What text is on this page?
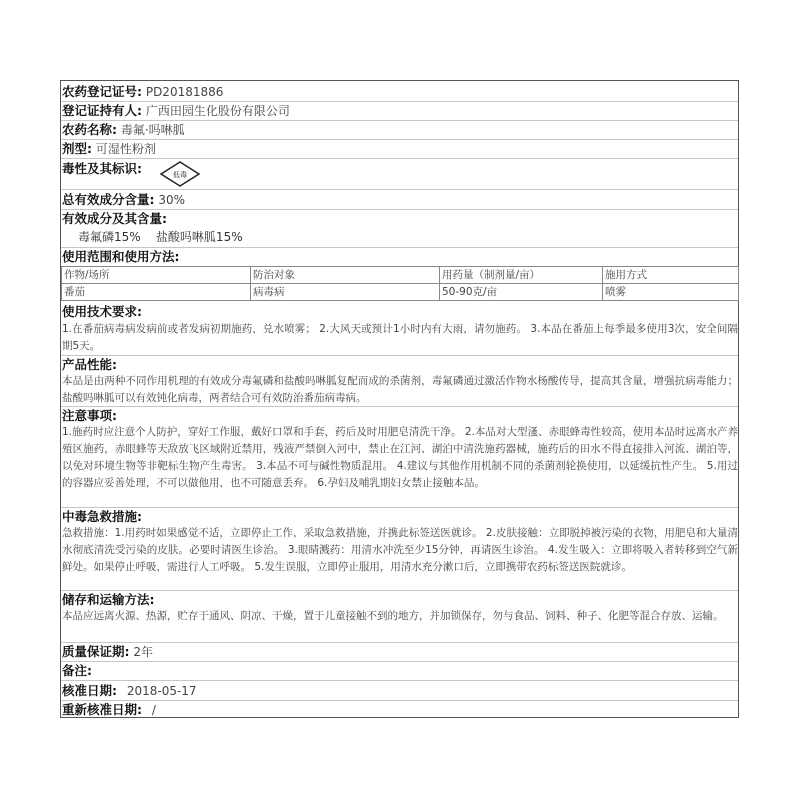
农药登记证号: PD20181886
登记证持有人: 广西田园生化股份有限公司
农药名称: 毒氟·吗啉胍
剂型: 可湿性粉剂
毒性及其标识:	低毒
总有效成分含量: 30%
有效成分及其含量:
毒氟磷15%    盐酸吗啉胍15%
使用范围和使用方法:
作物/场所	防治对象	用药量（制剂量/亩）	施用方式
番茄	病毒病	50-90克/亩	喷雾
使用技术要求:

1.在番茄病毒病发病前或者发病初期施药，兑水喷雾； 2.大风天或预计1小时内有大雨，请勿施药。 3.本品在番茄上每季最多使用3次，安全间隔期5天。

产品性能:

本品是由两种不同作用机理的有效成分毒氟磷和盐酸吗啉胍复配而成的杀菌剂，毒氟磷通过激活作物水杨酸传导，提高其含量，增强抗病毒能力；盐酸吗啉胍可以有效钝化病毒，两者结合可有效防治番茄病毒病。

注意事项:

1.施药时应注意个人防护，穿好工作服，戴好口罩和手套，药后及时用肥皂清洗干净。 2.本品对大型溞、赤眼蜂毒性较高，使用本品时远离水产养殖区施药，赤眼蜂等天敌放飞区域附近禁用，残液严禁倒入河中，禁止在江河、湖泊中清洗施药器械，施药后的田水不得直接排入河流、湖泊等，以免对环境生物等非靶标生物产生毒害。 3.本品不可与碱性物质混用。 4.建议与其他作用机制不同的杀菌剂轮换使用，以延缓抗性产生。 5.用过的容器应妥善处理，不可以做他用，也不可随意丢弃。 6.孕妇及哺乳期妇女禁止接触本品。

中毒急救措施:

急救措施：1.用药时如果感觉不适，立即停止工作，采取急救措施，并携此标签送医就诊。 2.皮肤接触：立即脱掉被污染的衣物，用肥皂和大量清水彻底清洗受污染的皮肤。必要时请医生诊治。 3.眼睛溅药：用清水冲洗至少15分钟，再请医生诊治。 4.发生吸入：立即将吸入者转移到空气新鲜处。如果停止呼吸，需进行人工呼吸。 5.发生误服，立即停止服用，用清水充分漱口后，立即携带农药标签送医院就诊。

储存和运输方法:

本品应远离火源、热源，贮存于通风、阴凉、干燥，置于儿童接触不到的地方，并加锁保存，勿与食品、饲料、种子、化肥等混合存放、运输。

质量保证期: 2年
备注:
核准日期: 2018-05-17
重新核准日期: /
